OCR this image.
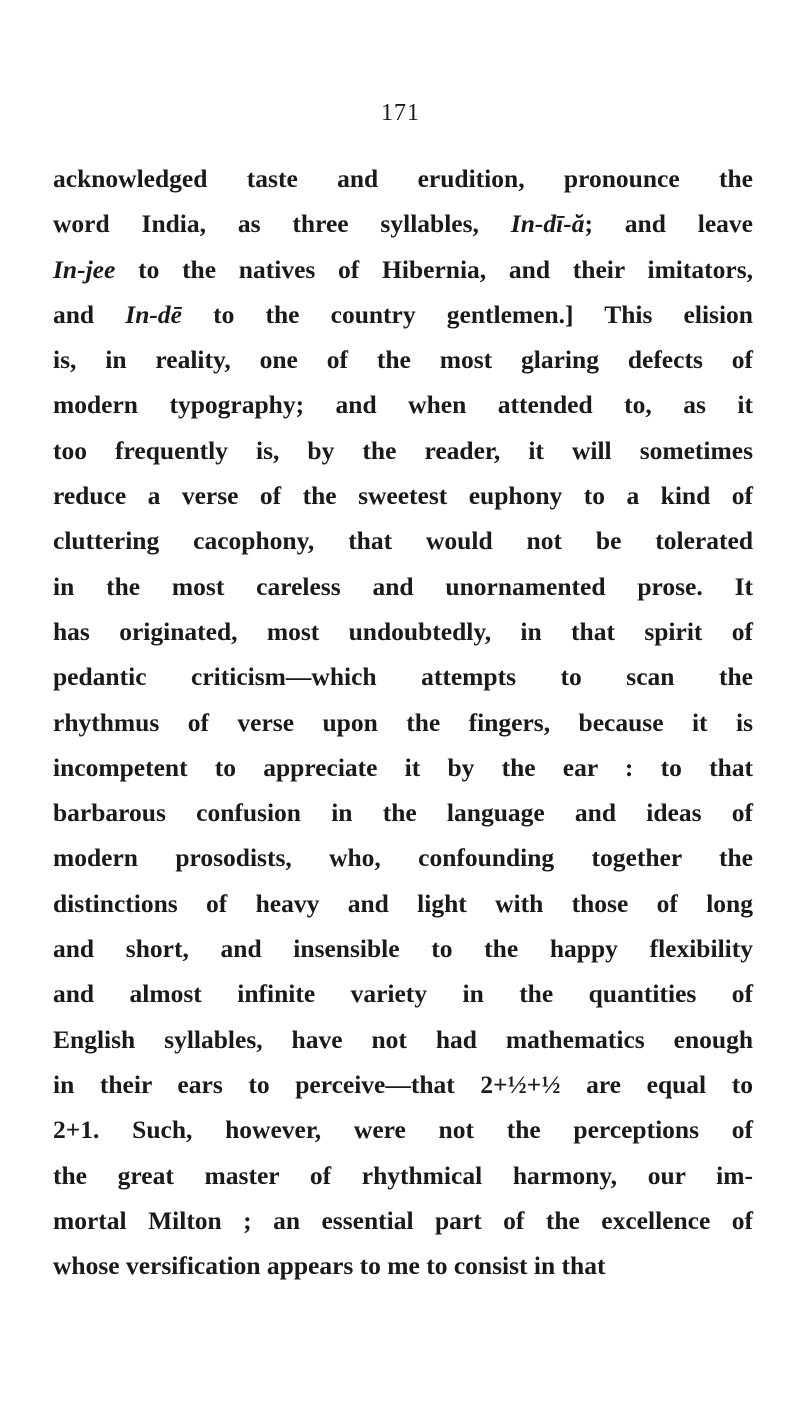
171
acknowledged taste and erudition, pronounce the
word India, as three syllables, In-dī-ă; and leave
In-jee to the natives of Hibernia, and their imitators,
and In-dē to the country gentlemen.] This elision
is, in reality, one of the most glaring defects of
modern typography; and when attended to, as it
too frequently is, by the reader, it will sometimes
reduce a verse of the sweetest euphony to a kind of
cluttering cacophony, that would not be tolerated
in the most careless and unornamented prose. It
has originated, most undoubtedly, in that spirit of
pedantic criticism—which attempts to scan the
rhythmus of verse upon the fingers, because it is
incompetent to appreciate it by the ear : to that
barbarous confusion in the language and ideas of
modern prosodists, who, confounding together the
distinctions of heavy and light with those of long
and short, and insensible to the happy flexibility
and almost infinite variety in the quantities of
English syllables, have not had mathematics enough
in their ears to perceive—that 2+½+½ are equal to
2+1. Such, however, were not the perceptions of
the great master of rhythmical harmony, our im-
mortal Milton ; an essential part of the excellence of
whose versification appears to me to consist in that
